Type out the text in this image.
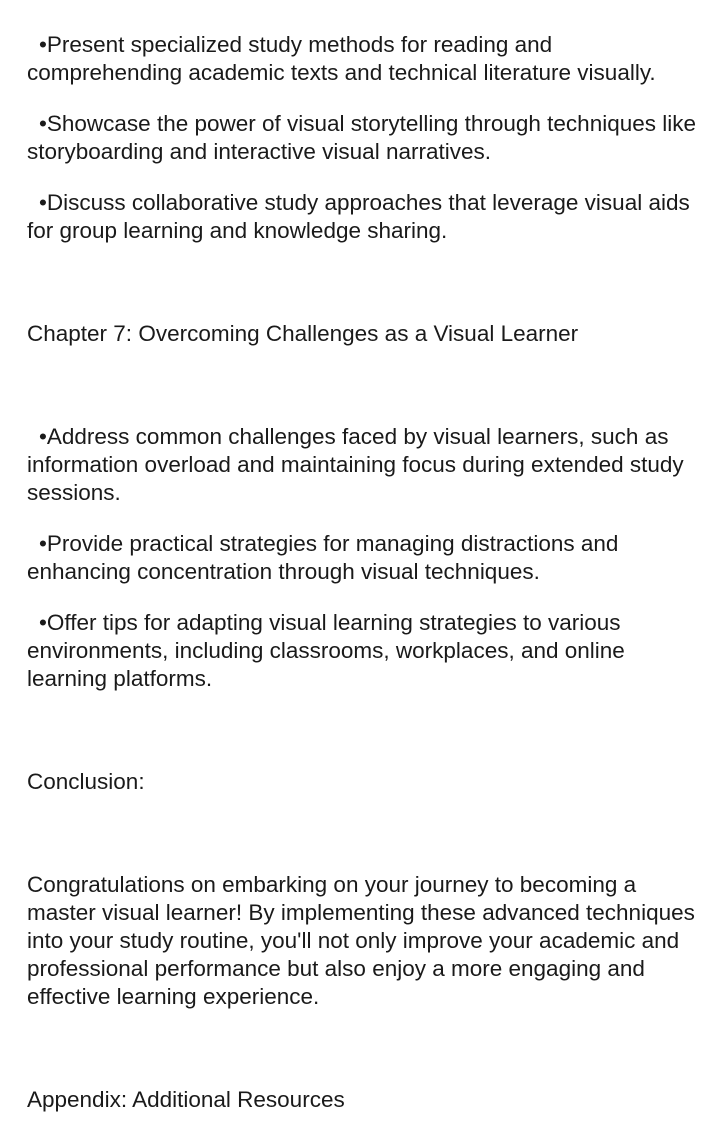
•Present specialized study methods for reading and comprehending academic texts and technical literature visually.

•Showcase the power of visual storytelling through techniques like storyboarding and interactive visual narratives.

•Discuss collaborative study approaches that leverage visual aids for group learning and knowledge sharing.

Chapter 7: Overcoming Challenges as a Visual Learner

•Address common challenges faced by visual learners, such as information overload and maintaining focus during extended study sessions.

•Provide practical strategies for managing distractions and enhancing concentration through visual techniques.

•Offer tips for adapting visual learning strategies to various environments, including classrooms, workplaces, and online learning platforms.

Conclusion:

Congratulations on embarking on your journey to becoming a master visual learner! By implementing these advanced techniques into your study routine, you'll not only improve your academic and professional performance but also enjoy a more engaging and effective learning experience.

Appendix: Additional Resources
